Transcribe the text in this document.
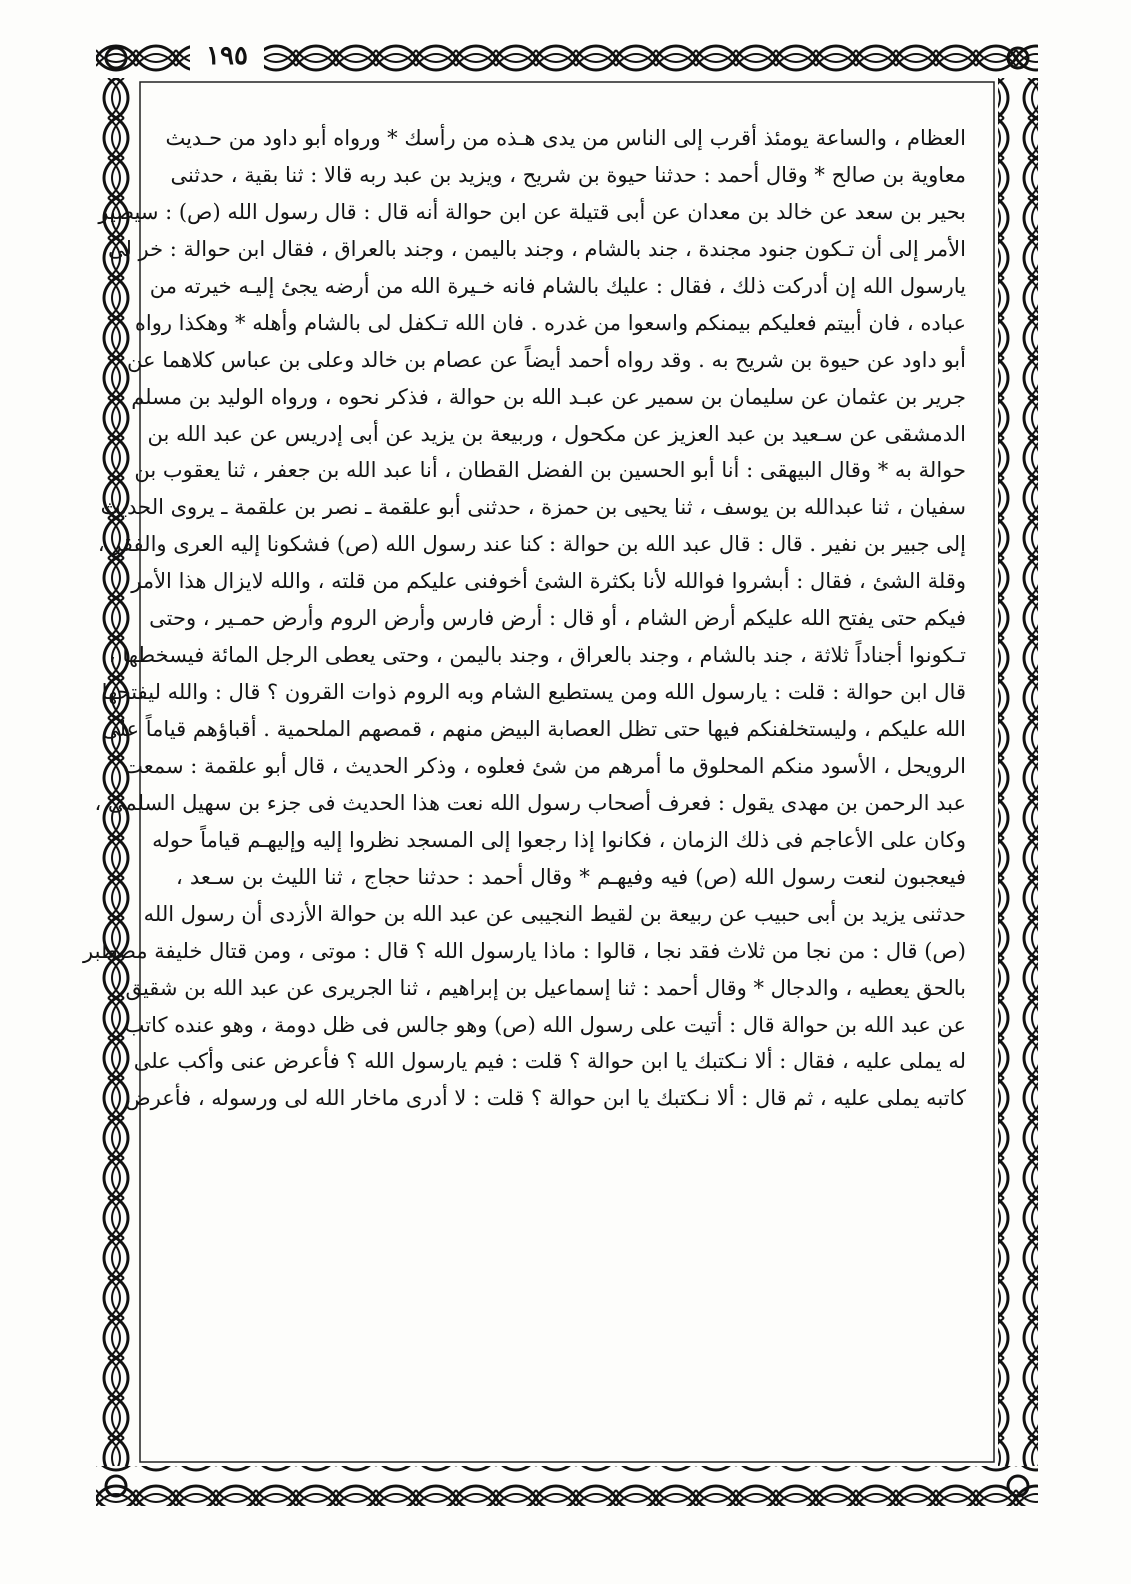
١٩٥
العظام ، والساعة يومئذ أقرب إلى الناس من يدى هـذه من رأسك * ورواه أبو داود من حـديث
معاوية بن صالح * وقال أحمد : حدثنا حيوة بن شريح ، ويزيد بن عبد ربه قالا : ثنا بقية ، حدثنى
بحير بن سعد عن خالد بن معدان عن أبى قتيلة عن ابن حوالة أنه قال : قال رسول الله (ص) : سيصير
الأمر إلى أن تـكون جنود مجندة ، جند بالشام ، وجند باليمن ، وجند بالعراق ، فقال ابن حوالة : خر لى
يارسول الله إن أدركت ذلك ، فقال : عليك بالشام فانه خـيرة الله من أرضه يجئ إليـه خيرته من
عباده ، فان أبيتم فعليكم بيمنكم واسعوا من غدره . فان الله تـكفل لى بالشام وأهله * وهكذا رواه
أبو داود عن حيوة بن شريح به . وقد رواه أحمد أيضاً عن عصام بن خالد وعلى بن عباس كلاهما عن
جرير بن عثمان عن سليمان بن سمير عن عبـد الله بن حوالة ، فذكر نحوه ، ورواه الوليد بن مسلم
الدمشقى عن سـعيد بن عبد العزيز عن مكحول ، وربيعة بن يزيد عن أبى إدريس عن عبد الله بن
حوالة به * وقال البيهقى : أنا أبو الحسين بن الفضل القطان ، أنا عبد الله بن جعفر ، ثنا يعقوب بن
سفيان ، ثنا عبدالله بن يوسف ، ثنا يحيى بن حمزة ، حدثنى أبو علقمة ـ نصر بن علقمة ـ يروى الحديث
إلى جبير بن نفير . قال : قال عبد الله بن حوالة : كنا عند رسول الله (ص) فشكونا إليه العرى والفقر ،
وقلة الشئ ، فقال : أبشروا فوالله لأنا بكثرة الشئ أخوفنى عليكم من قلته ، والله لايزال هذا الأمر
فيكم حتى يفتح الله عليكم أرض الشام ، أو قال : أرض فارس وأرض الروم وأرض حمـير ، وحتى
تـكونوا أجناداً ثلاثة ، جند بالشام ، وجند بالعراق ، وجند باليمن ، وحتى يعطى الرجل المائة فيسخطها ،
قال ابن حوالة : قلت : يارسول الله ومن يستطيع الشام وبه الروم ذوات القرون ؟ قال : والله ليفتحها
الله عليكم ، وليستخلفنكم فيها حتى تظل العصابة البيض منهم ، قمصهم الملحمية . أقباؤهم قياماً على
الرويحل ، الأسود منكم المحلوق ما أمرهم من شئ فعلوه ، وذكر الحديث ، قال أبو علقمة : سمعت
عبد الرحمن بن مهدى يقول : فعرف أصحاب رسول الله نعت هذا الحديث فى جزء بن سهيل السلمى ،
وكان على الأعاجم فى ذلك الزمان ، فكانوا إذا رجعوا إلى المسجد نظروا إليه وإليهـم قياماً حوله
فيعجبون لنعت رسول الله (ص) فيه وفيهـم * وقال أحمد : حدثنا حجاج ، ثنا الليث بن سـعد ،
حدثنى يزيد بن أبى حبيب عن ربيعة بن لقيط النجيبى عن عبد الله بن حوالة الأزدى أن رسول الله
(ص) قال : من نجا من ثلاث فقد نجا ، قالوا : ماذا يارسول الله ؟ قال : موتى ، ومن قتال خليفة مصطبر
بالحق يعطيه ، والدجال * وقال أحمد : ثنا إسماعيل بن إبراهيم ، ثنا الجريرى عن عبد الله بن شقيق
عن عبد الله بن حوالة قال : أتيت على رسول الله (ص) وهو جالس فى ظل دومة ، وهو عنده كاتب
له يملى عليه ، فقال : ألا نـكتبك يا ابن حوالة ؟ قلت : فيم يارسول الله ؟ فأعرض عنى وأكب على
كاتبه يملى عليه ، ثم قال : ألا نـكتبك يا ابن حوالة ؟ قلت : لا أدرى ماخار الله لى ورسوله ، فأعرض
